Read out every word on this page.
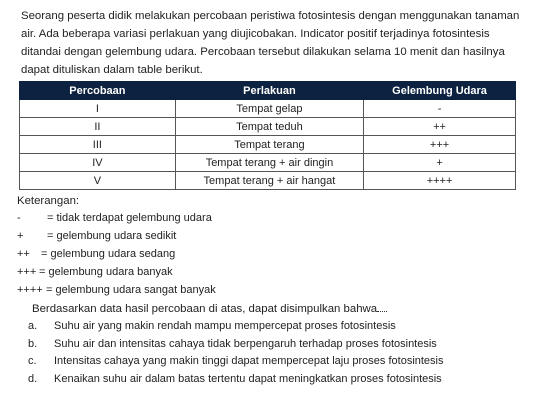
Seorang peserta didik melakukan percobaan peristiwa fotosintesis dengan menggunakan tanaman air. Ada beberapa variasi perlakuan yang diujicobakan. Indicator positif terjadinya fotosintesis ditandai dengan gelembung udara. Percobaan tersebut dilakukan selama 10 menit dan hasilnya dapat dituliskan dalam table berikut.

Percobaan	Perlakuan	Gelembung Udara
I	Tempat gelap	-
II	Tempat teduh	++
III	Tempat terang	+++
IV	Tempat terang + air dingin	+
V	Tempat terang + air hangat	++++

Keterangan:

-	= tidak terdapat gelembung udara
+	= gelembung udara sedikit
++	= gelembung udara sedang
+++ = gelembung udara banyak
++++ = gelembung udara sangat banyak

Berdasarkan data hasil percobaan di atas, dapat disimpulkan bahwa

a.	Suhu air yang makin rendah mampu mempercepat proses fotosintesis
b.	Suhu air dan intensitas cahaya tidak berpengaruh terhadap proses fotosintesis
c.	Intensitas cahaya yang makin tinggi dapat mempercepat laju proses fotosintesis
d.	Kenaikan suhu air dalam batas tertentu dapat meningkatkan proses fotosintesis
